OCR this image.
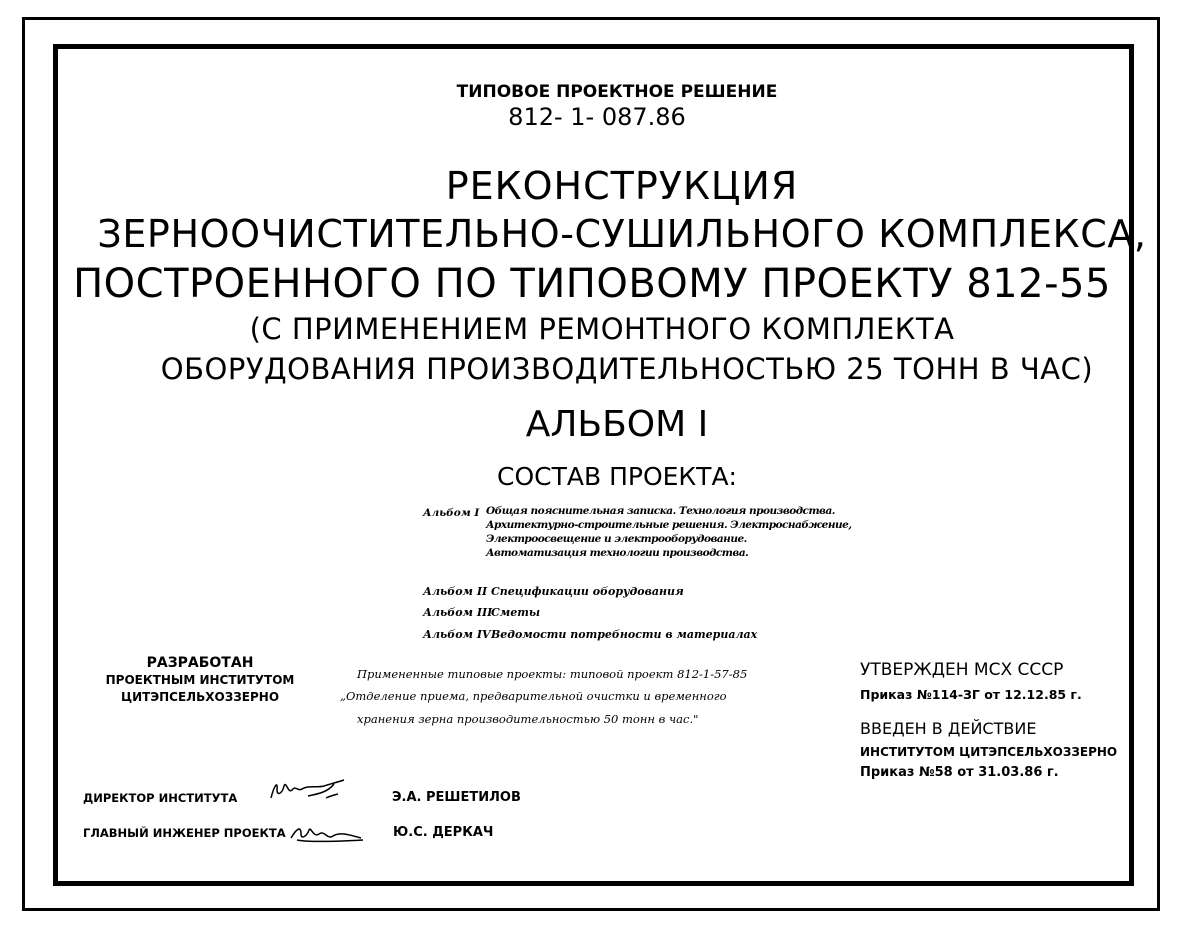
ТИПОВОЕ ПРОЕКТНОЕ РЕШЕНИЕ
812- 1- 087.86
РЕКОНСТРУКЦИЯ
ЗЕРНООЧИСТИТЕЛЬНО-СУШИЛЬНОГО КОМПЛЕКСА,
ПОСТРОЕННОГО ПО ТИПОВОМУ ПРОЕКТУ 812-55
(С ПРИМЕНЕНИЕМ РЕМОНТНОГО КОМПЛЕКТА
ОБОРУДОВАНИЯ ПРОИЗВОДИТЕЛЬНОСТЬЮ 25 ТОНН В ЧАС)
АЛЬБОМ I
СОСТАВ ПРОЕКТА:
Альбом I Общая пояснительная записка. Технология производства.
Архитектурно-строительные решения. Электроснабжение,
Электроосвещение и электрооборудование.
Автоматизация технологии производства.
Альбом II Спецификации оборудования
Альбом III
Сметы
Альбом IV Ведомости потребности в материалах
РАЗРАБОТАН
ПРОЕКТНЫМ ИНСТИТУТОМ
ЦИТЭПСЕЛЬХОЗЗЕРНО
Примененные типовые проекты: типовой проект 812-1-57-85
„Отделение приема, предварительной очистки и временного
хранения зерна производительностью 50 тонн в час."
УТВЕРЖДЕН МСХ СССР
Приказ №114-ЗГ от 12.12.85 г.
ВВЕДЕН В ДЕЙСТВИЕ
ИНСТИТУТОМ ЦИТЭПСЕЛЬХОЗЗЕРНО
Приказ №58 от 31.03.86 г.
ДИРЕКТОР ИНСТИТУТА	Э.А. РЕШЕТИЛОВ
ГЛАВНЫЙ ИНЖЕНЕР ПРОЕКТА	Ю.С. ДЕРКАЧ
